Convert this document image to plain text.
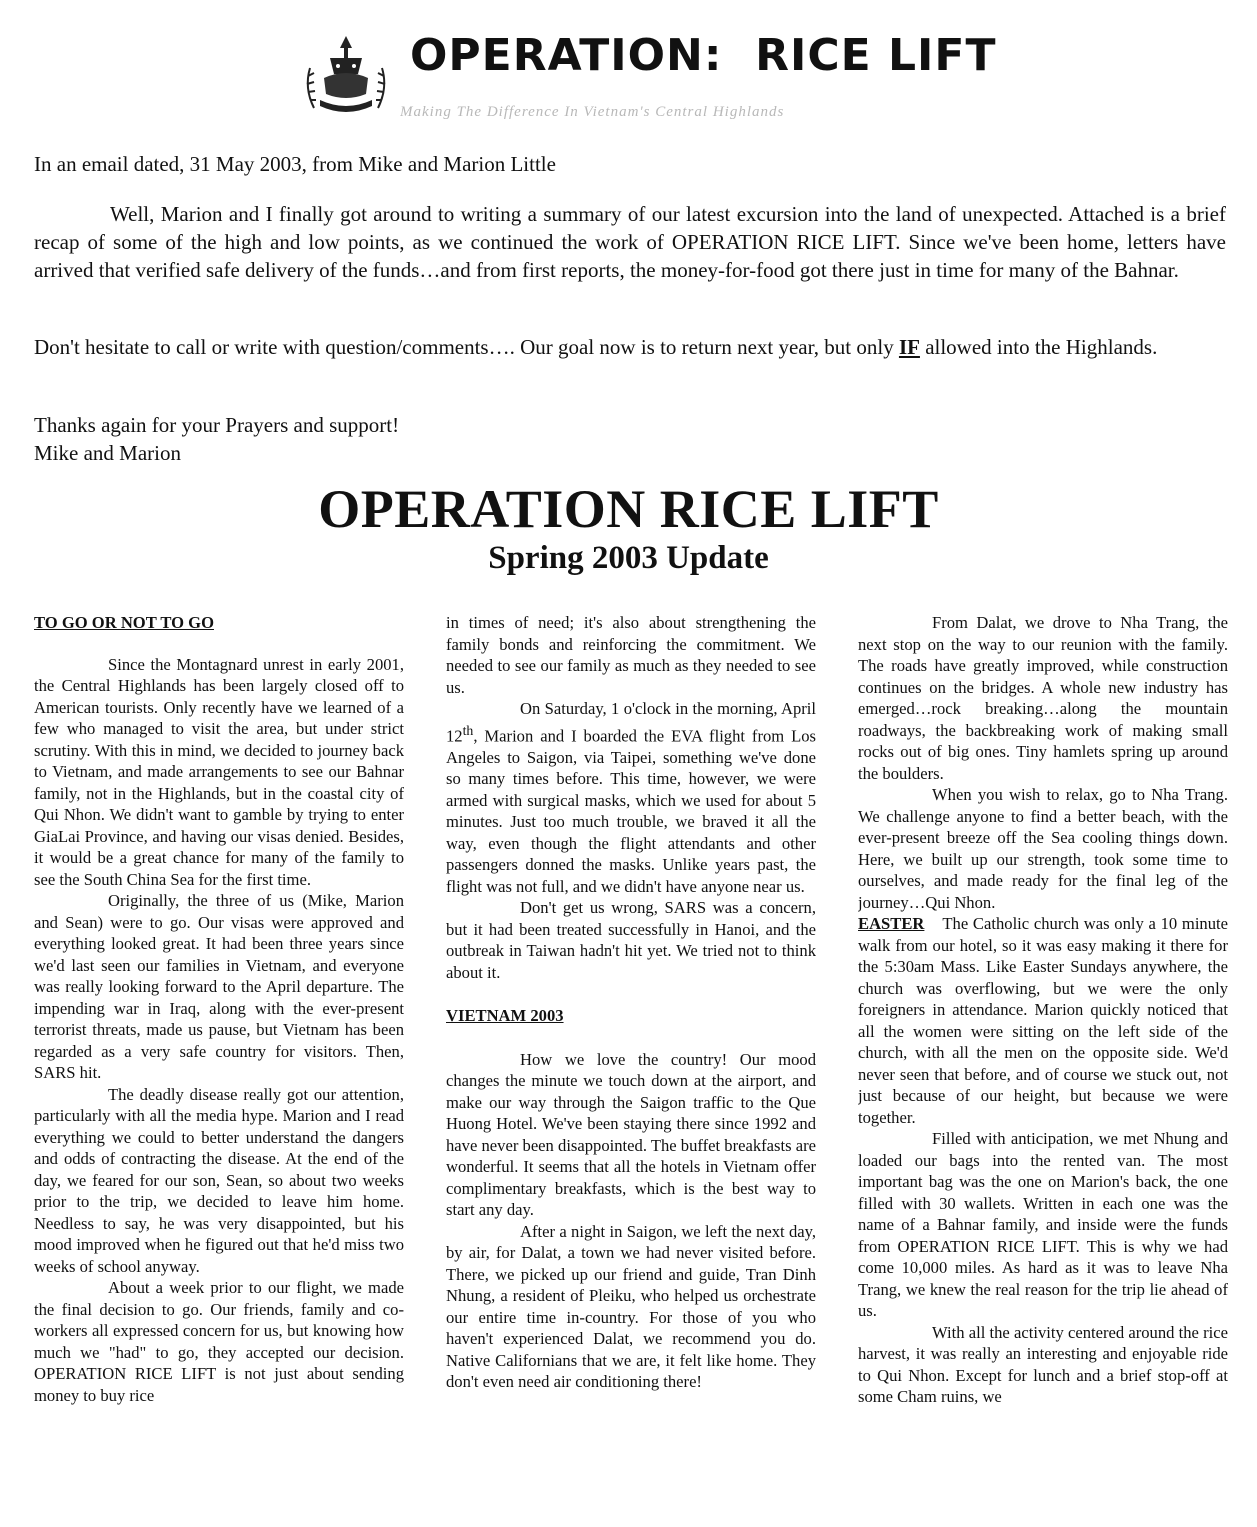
OPERATION:  RICE LIFT
Making The Difference In Vietnam's Central Highlands

In an email dated, 31 May 2003, from Mike and Marion Little

Well, Marion and I finally got around to writing a summary of our latest excursion into the land of unexpected. Attached is a brief recap of some of the high and low points, as we continued the work of OPERATION RICE LIFT. Since we've been home, letters have arrived that verified safe delivery of the funds…and from first reports, the money-for-food got there just in time for many of the Bahnar.

Don't hesitate to call or write with question/comments…. Our goal now is to return next year, but only IF allowed into the Highlands.

Thanks again for your Prayers and support!

Mike and Marion

OPERATION RICE LIFT
Spring 2003 Update
TO GO OR NOT TO GO

Since the Montagnard unrest in early 2001, the Central Highlands has been largely closed off to American tourists. Only recently have we learned of a few who managed to visit the area, but under strict scrutiny. With this in mind, we decided to journey back to Vietnam, and made arrangements to see our Bahnar family, not in the Highlands, but in the coastal city of Qui Nhon. We didn't want to gamble by trying to enter GiaLai Province, and having our visas denied. Besides, it would be a great chance for many of the family to see the South China Sea for the first time.

Originally, the three of us (Mike, Marion and Sean) were to go. Our visas were approved and everything looked great. It had been three years since we'd last seen our families in Vietnam, and everyone was really looking forward to the April departure. The impending war in Iraq, along with the ever-present terrorist threats, made us pause, but Vietnam has been regarded as a very safe country for visitors. Then, SARS hit.

The deadly disease really got our attention, particularly with all the media hype. Marion and I read everything we could to better understand the dangers and odds of contracting the disease. At the end of the day, we feared for our son, Sean, so about two weeks prior to the trip, we decided to leave him home. Needless to say, he was very disappointed, but his mood improved when he figured out that he'd miss two weeks of school anyway.

About a week prior to our flight, we made the final decision to go. Our friends, family and co-workers all expressed concern for us, but knowing how much we "had" to go, they accepted our decision. OPERATION RICE LIFT is not just about sending money to buy rice

in times of need; it's also about strengthening the family bonds and reinforcing the commitment. We needed to see our family as much as they needed to see us.

On Saturday, 1 o'clock in the morning, April 12th, Marion and I boarded the EVA flight from Los Angeles to Saigon, via Taipei, something we've done so many times before. This time, however, we were armed with surgical masks, which we used for about 5 minutes. Just too much trouble, we braved it all the way, even though the flight attendants and other passengers donned the masks. Unlike years past, the flight was not full, and we didn't have anyone near us.

Don't get us wrong, SARS was a concern, but it had been treated successfully in Hanoi, and the outbreak in Taiwan hadn't hit yet. We tried not to think about it.

VIETNAM 2003

How we love the country! Our mood changes the minute we touch down at the airport, and make our way through the Saigon traffic to the Que Huong Hotel. We've been staying there since 1992 and have never been disappointed. The buffet breakfasts are wonderful. It seems that all the hotels in Vietnam offer complimentary breakfasts, which is the best way to start any day.

After a night in Saigon, we left the next day, by air, for Dalat, a town we had never visited before. There, we picked up our friend and guide, Tran Dinh Nhung, a resident of Pleiku, who helped us orchestrate our entire time in-country. For those of you who haven't experienced Dalat, we recommend you do. Native Californians that we are, it felt like home. They don't even need air conditioning there!

From Dalat, we drove to Nha Trang, the next stop on the way to our reunion with the family. The roads have greatly improved, while construction continues on the bridges. A whole new industry has emerged…rock breaking…along the mountain roadways, the backbreaking work of making small rocks out of big ones. Tiny hamlets spring up around the boulders.

When you wish to relax, go to Nha Trang. We challenge anyone to find a better beach, with the ever-present breeze off the Sea cooling things down. Here, we built up our strength, took some time to ourselves, and made ready for the final leg of the journey…Qui Nhon.

EASTER The Catholic church was only a 10 minute walk from our hotel, so it was easy making it there for the 5:30am Mass. Like Easter Sundays anywhere, the church was overflowing, but we were the only foreigners in attendance. Marion quickly noticed that all the women were sitting on the left side of the church, with all the men on the opposite side. We'd never seen that before, and of course we stuck out, not just because of our height, but because we were together.

Filled with anticipation, we met Nhung and loaded our bags into the rented van. The most important bag was the one on Marion's back, the one filled with 30 wallets. Written in each one was the name of a Bahnar family, and inside were the funds from OPERATION RICE LIFT. This is why we had come 10,000 miles. As hard as it was to leave Nha Trang, we knew the real reason for the trip lie ahead of us.

With all the activity centered around the rice harvest, it was really an interesting and enjoyable ride to Qui Nhon. Except for lunch and a brief stop-off at some Cham ruins, we
